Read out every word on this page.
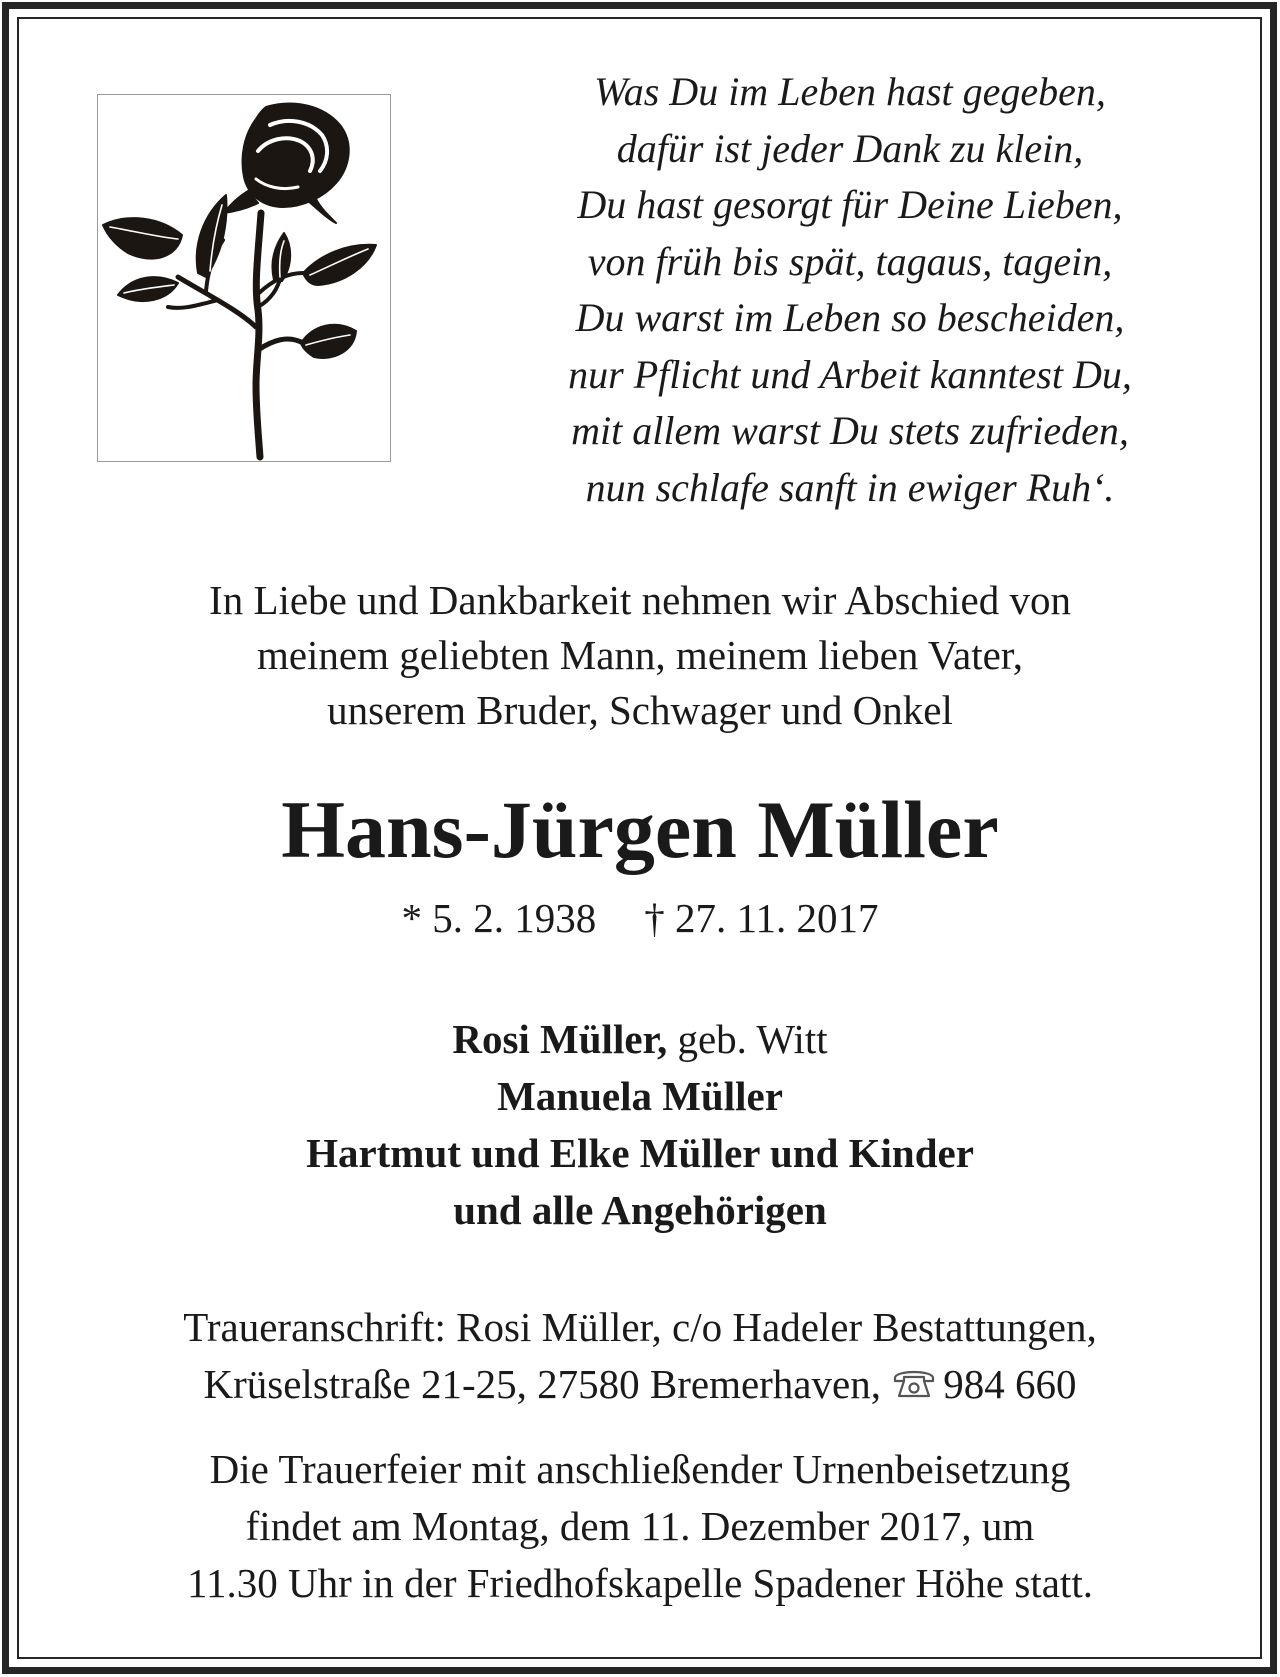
Was Du im Leben hast gegeben,
dafür ist jeder Dank zu klein,
Du hast gesorgt für Deine Lieben,
von früh bis spät, tagaus, tagein,
Du warst im Leben so bescheiden,
nur Pflicht und Arbeit kanntest Du,
mit allem warst Du stets zufrieden,
nun schlafe sanft in ewiger Ruh‘.
In Liebe und Dankbarkeit nehmen wir Abschied von
meinem geliebten Mann, meinem lieben Vater,
unserem Bruder, Schwager und Onkel
Hans-Jürgen Müller
* 5. 2. 1938 † 27. 11. 2017
Rosi Müller, geb. Witt
Manuela Müller
Hartmut und Elke Müller und Kinder
und alle Angehörigen
Traueranschrift: Rosi Müller, c/o Hadeler Bestattungen,
Krüselstraße 21-25, 27580 Bremerhaven, 984 660
Die Trauerfeier mit anschließender Urnenbeisetzung
findet am Montag, dem 11. Dezember 2017, um
11.30 Uhr in der Friedhofskapelle Spadener Höhe statt.
